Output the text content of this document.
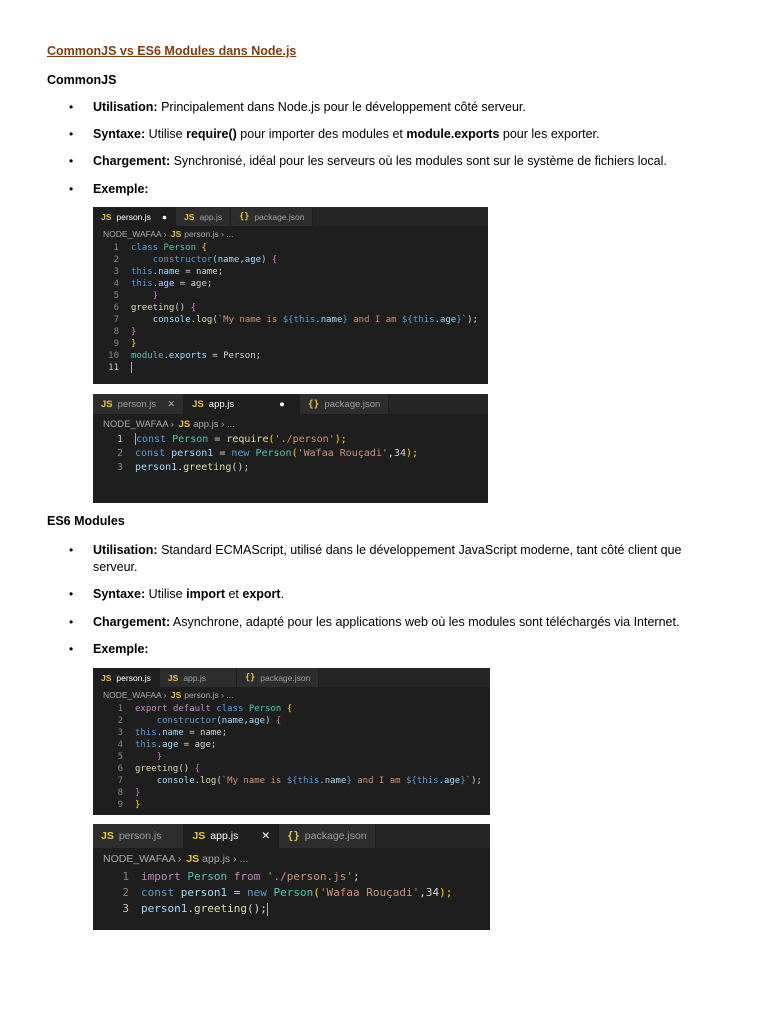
CommonJS vs ES6 Modules dans Node.js
CommonJS
• Utilisation: Principalement dans Node.js pour le développement côté serveur.
• Syntaxe: Utilise require() pour importer des modules et module.exports pour les exporter.
• Chargement: Synchronisé, idéal pour les serveurs où les modules sont sur le système de fichiers local.
• Exemple:
JS person.js ● JS app.js {} package.json
NODE_WAFAA › JS person.js › ...
1	class Person {
2	constructor(name,age) {
3	this.name = name;
4	this.age = age;
5	}
6	greeting() {
7	console.log(`My name is ${this.name} and I am ${this.age}`);
8	}
9	}
10	module.exports = Person;
11
JS person.js ✕ JS app.js	● {} package.json
NODE_WAFAA › JS app.js › ...
1	const Person = require('./person');
2	const person1 = new Person('Wafaa Rouçadi',34);
3	person1.greeting();
ES6 Modules
• Utilisation: Standard ECMAScript, utilisé dans le développement JavaScript moderne, tant côté client que serveur.
• Syntaxe: Utilise import et export.
• Chargement: Asynchrone, adapté pour les applications web où les modules sont téléchargés via Internet.
• Exemple:
JS person.js JS app.js	{} package.json
NODE_WAFAA › JS person.js › ...
1	export default class Person {
2	constructor(name,age) {
3	this.name = name;
4	this.age = age;
5	}
6	greeting() {
7	console.log(`My name is ${this.name} and I am ${this.age}`);
8	}
9	}
JS person.js	JS app.js ✕ {} package.json
NODE_WAFAA › JS app.js › ...
1	import Person from './person.js';
2	const person1 = new Person('Wafaa Rouçadi',34);
3	person1.greeting();
